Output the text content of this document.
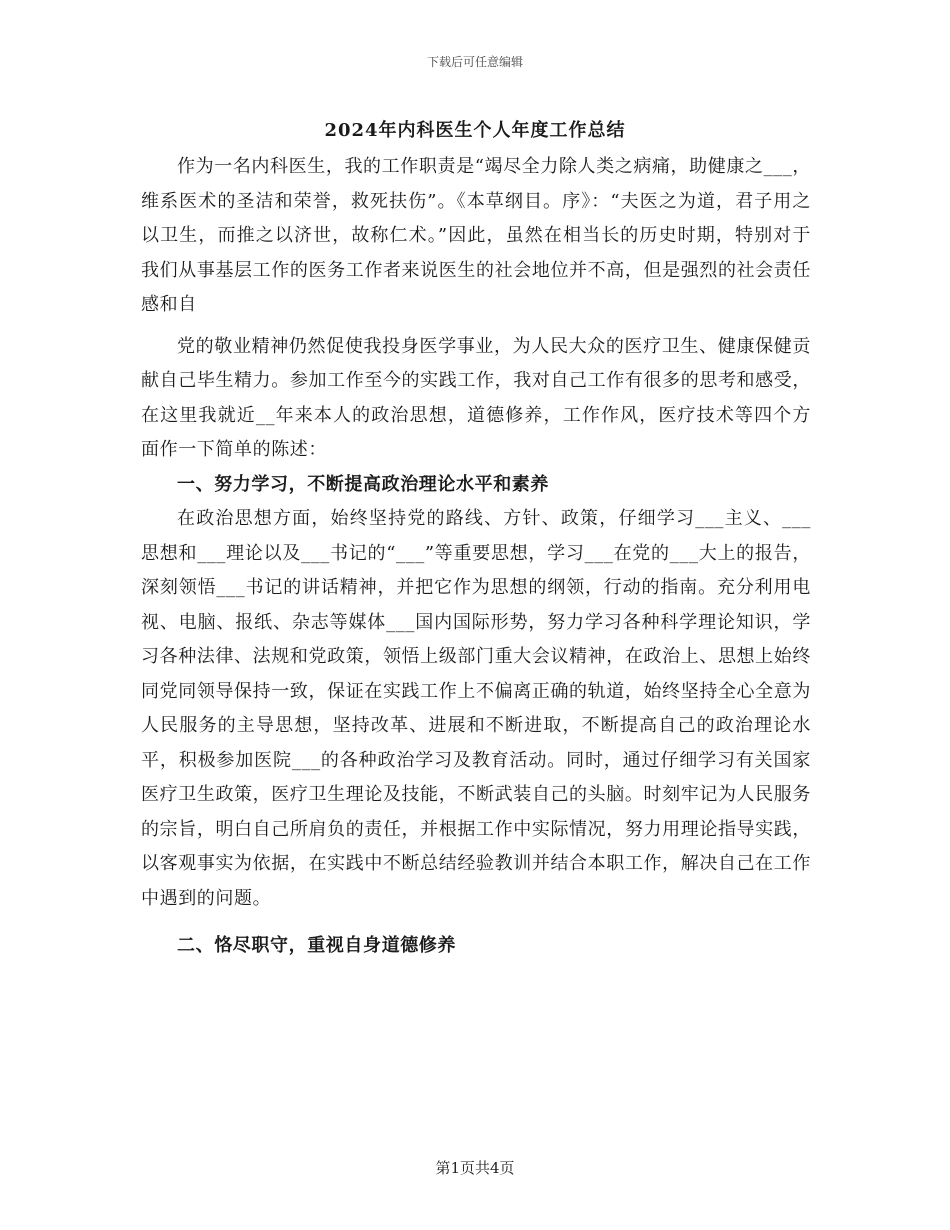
下载后可任意编辑
2024年内科医生个人年度工作总结

作为一名内科医生，我的工作职责是“竭尽全力除人类之病痛，助健康之___，维系医术的圣洁和荣誉，救死扶伤”。《本草纲目。序》：“夫医之为道，君子用之以卫生，而推之以济世，故称仁术。”因此，虽然在相当长的历史时期，特别对于我们从事基层工作的医务工作者来说医生的社会地位并不高，但是强烈的社会责任感和自

党的敬业精神仍然促使我投身医学事业，为人民大众的医疗卫生、健康保健贡献自己毕生精力。参加工作至今的实践工作，我对自己工作有很多的思考和感受，在这里我就近__年来本人的政治思想，道德修养，工作作风，医疗技术等四个方面作一下简单的陈述：

一、努力学习，不断提高政治理论水平和素养

在政治思想方面，始终坚持党的路线、方针、政策，仔细学习___主义、___思想和___理论以及___书记的“___”等重要思想，学习___在党的___大上的报告，深刻领悟___书记的讲话精神，并把它作为思想的纲领，行动的指南。充分利用电视、电脑、报纸、杂志等媒体___国内国际形势，努力学习各种科学理论知识，学习各种法律、法规和党政策，领悟上级部门重大会议精神，在政治上、思想上始终同党同领导保持一致，保证在实践工作上不偏离正确的轨道，始终坚持全心全意为人民服务的主导思想，坚持改革、进展和不断进取，不断提高自己的政治理论水平，积极参加医院___的各种政治学习及教育活动。同时，通过仔细学习有关国家医疗卫生政策，医疗卫生理论及技能，不断武装自己的头脑。时刻牢记为人民服务的宗旨，明白自己所肩负的责任，并根据工作中实际情况，努力用理论指导实践，以客观事实为依据，在实践中不断总结经验教训并结合本职工作，解决自己在工作中遇到的问题。

二、恪尽职守，重视自身道德修养

第1页共4页
